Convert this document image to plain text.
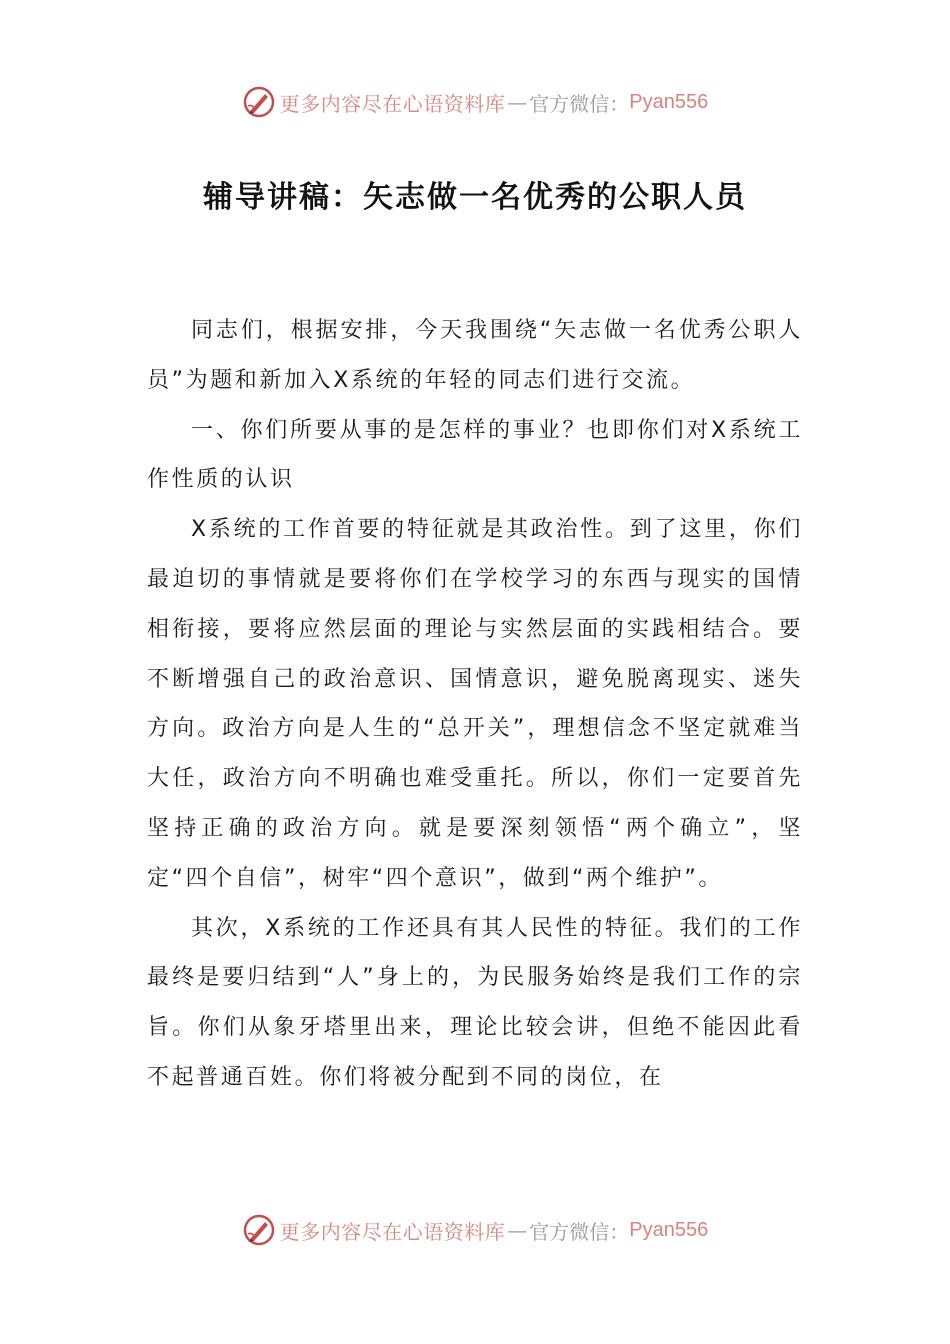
更多内容尽在心语资料库 — 官方微信： Pyan556
辅导讲稿：矢志做一名优秀的公职人员

同志们，根据安排，今天我围绕“矢志做一名优秀公职人员”为题和新加入X系统的年轻的同志们进行交流。

一、你们所要从事的是怎样的事业？也即你们对X系统工作性质的认识

X系统的工作首要的特征就是其政治性。到了这里，你们最迫切的事情就是要将你们在学校学习的东西与现实的国情相衔接，要将应然层面的理论与实然层面的实践相结合。要不断增强自己的政治意识、国情意识，避免脱离现实、迷失方向。政治方向是人生的“总开关”，理想信念不坚定就难当大任，政治方向不明确也难受重托。所以，你们一定要首先坚持正确的政治方向。就是要深刻领悟“两个确立”，坚定“四个自信”，树牢“四个意识”，做到“两个维护”。

其次，X系统的工作还具有其人民性的特征。我们的工作最终是要归结到“人”身上的，为民服务始终是我们工作的宗旨。你们从象牙塔里出来，理论比较会讲，但绝不能因此看不起普通百姓。你们将被分配到不同的岗位，在

更多内容尽在心语资料库 — 官方微信： Pyan556
